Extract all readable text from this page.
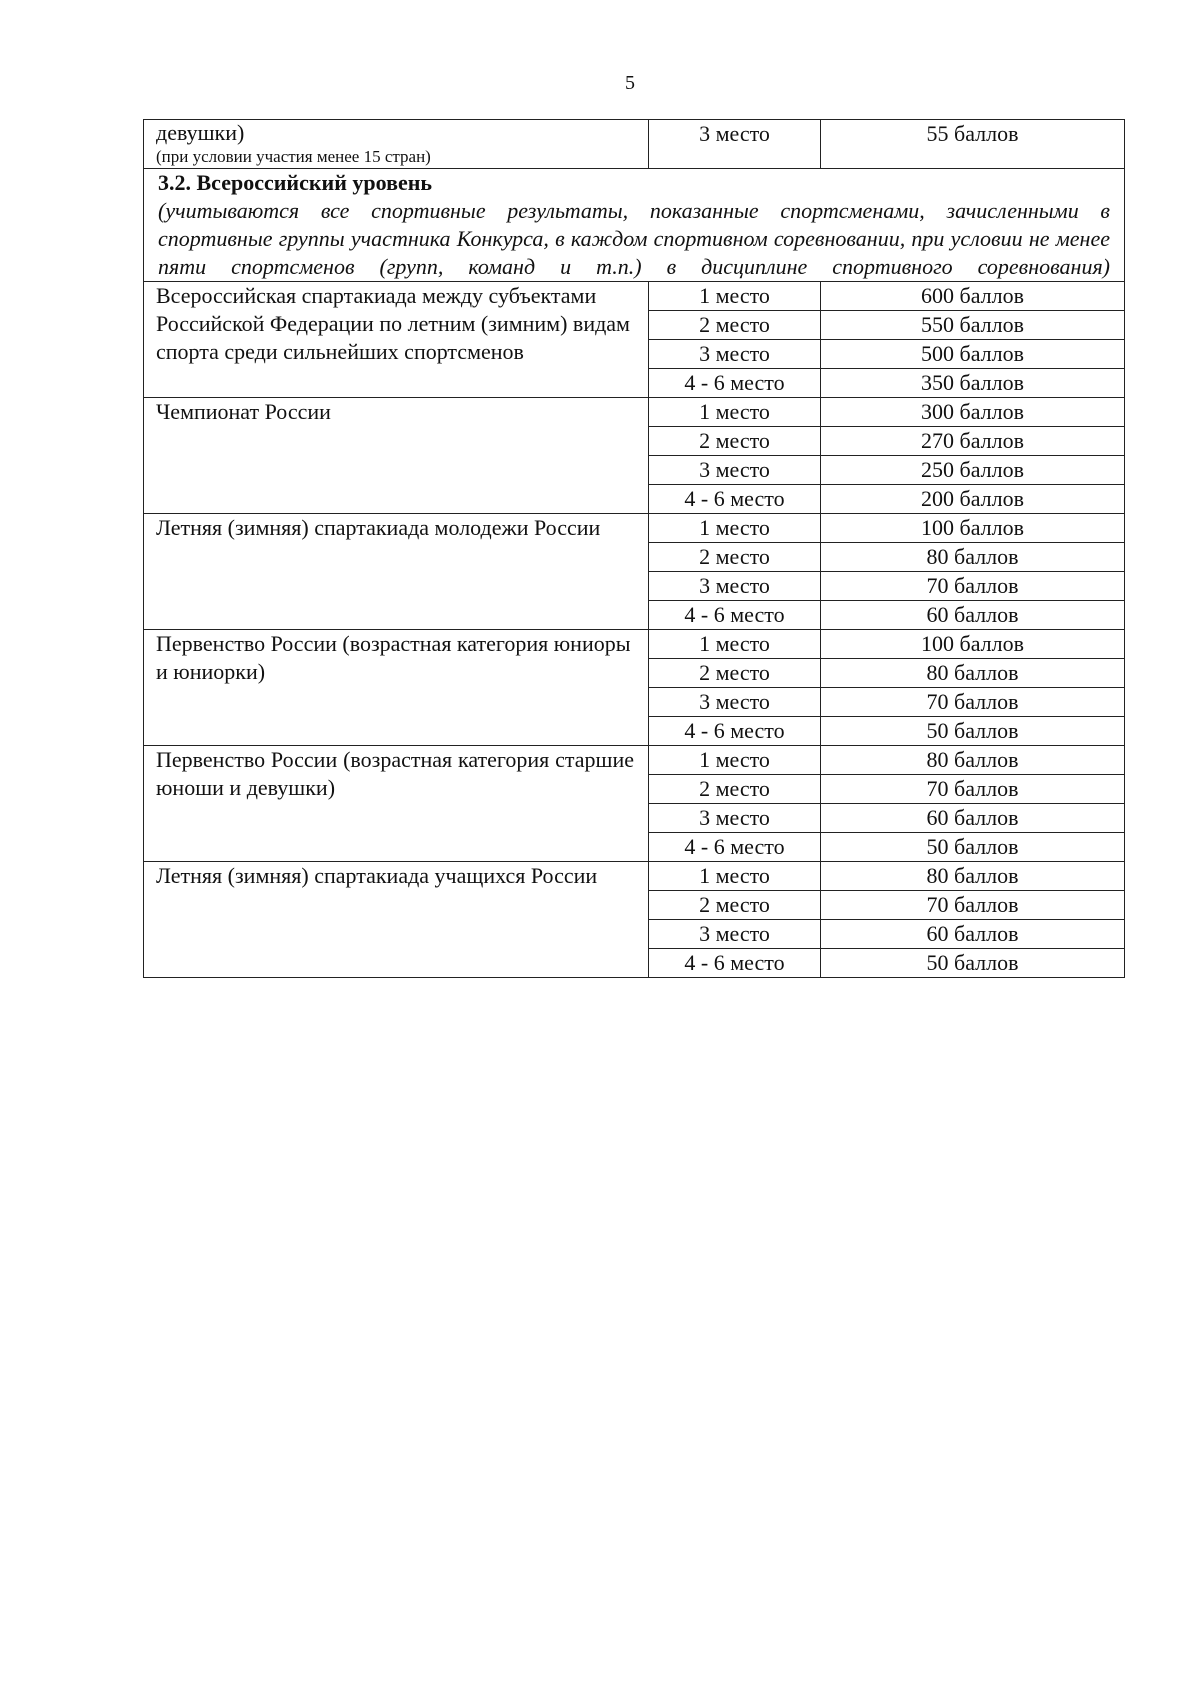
5
девушки)
(при условии участия менее 15 стран)	3 место	55 баллов

3.2. Всероссийский уровень
(учитываются все спортивные результаты, показанные спортсменами, зачисленными в спортивные группы участника Конкурса, в каждом спортивном соревновании, при условии не менее пяти спортсменов (групп, команд и т.п.) в дисциплине спортивного соревнования)		

Всероссийская спартакиада между субъектами Российской Федерации по летним (зимним) видам спорта среди сильнейших спортсменов	1 место	600 баллов
	2 место	550 баллов
	3 место	500 баллов
	4 - 6 место	350 баллов
Чемпионат России	1 место	300 баллов
	2 место	270 баллов
	3 место	250 баллов
	4 - 6 место	200 баллов
Летняя (зимняя) спартакиада молодежи России	1 место	100 баллов
	2 место	80 баллов
	3 место	70 баллов
	4 - 6 место	60 баллов
Первенство России (возрастная категория юниоры и юниорки)	1 место	100 баллов
	2 место	80 баллов
	3 место	70 баллов
	4 - 6 место	50 баллов
Первенство России (возрастная категория старшие юноши и девушки)	1 место	80 баллов
	2 место	70 баллов
	3 место	60 баллов
	4 - 6 место	50 баллов
Летняя (зимняя) спартакиада учащихся России	1 место	80 баллов
	2 место	70 баллов
	3 место	60 баллов
	4 - 6 место	50 баллов
